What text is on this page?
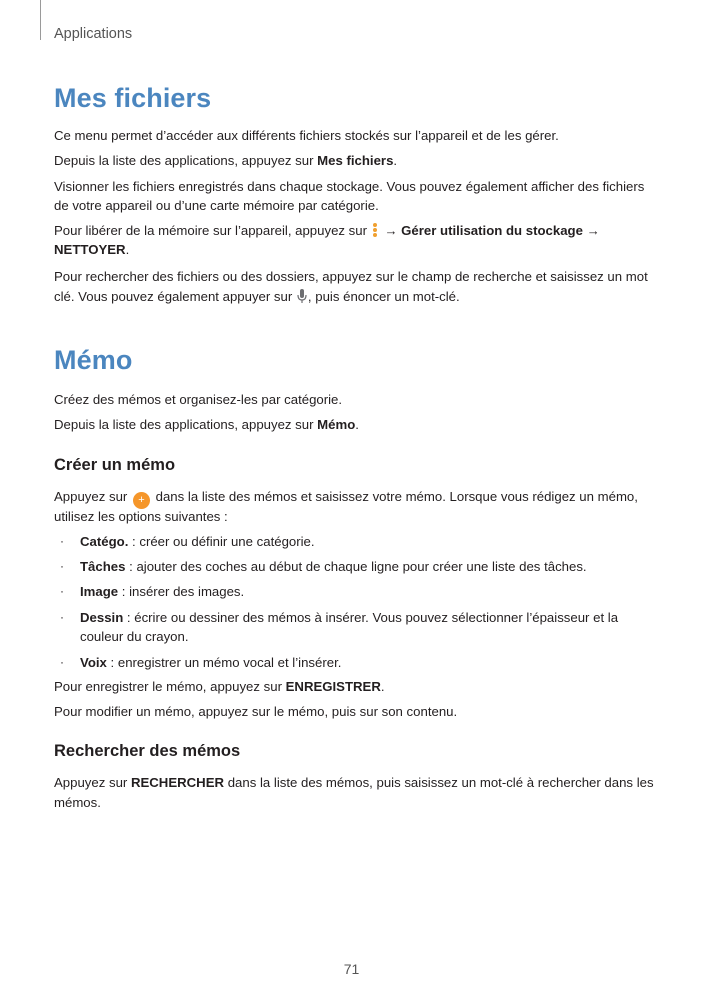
Applications
Mes fichiers
Ce menu permet d’accéder aux différents fichiers stockés sur l’appareil et de les gérer.
Depuis la liste des applications, appuyez sur Mes fichiers.
Visionner les fichiers enregistrés dans chaque stockage. Vous pouvez également afficher des fichiers
de votre appareil ou d’une carte mémoire par catégorie.
Pour libérer de la mémoire sur l’appareil, appuyez sur
→ Gérer utilisation du stockage →
NETTOYER.
Pour rechercher des fichiers ou des dossiers, appuyez sur le champ de recherche et saisissez un mot
clé. Vous pouvez également appuyer sur , puis énoncer un mot-clé.
Mémo
Créez des mémos et organisez-les par catégorie.
Depuis la liste des applications, appuyez sur Mémo.
Créer un mémo
Appuyez sur + dans la liste des mémos et saisissez votre mémo. Lorsque vous rédigez un mémo,
utilisez les options suivantes :
· Catégo. : créer ou définir une catégorie.
· Tâches : ajouter des coches au début de chaque ligne pour créer une liste des tâches.
· Image : insérer des images.
· Dessin : écrire ou dessiner des mémos à insérer. Vous pouvez sélectionner l’épaisseur et la
couleur du crayon.
· Voix : enregistrer un mémo vocal et l’insérer.
Pour enregistrer le mémo, appuyez sur ENREGISTRER.
Pour modifier un mémo, appuyez sur le mémo, puis sur son contenu.
Rechercher des mémos
Appuyez sur RECHERCHER dans la liste des mémos, puis saisissez un mot-clé à rechercher dans les
mémos.
71
